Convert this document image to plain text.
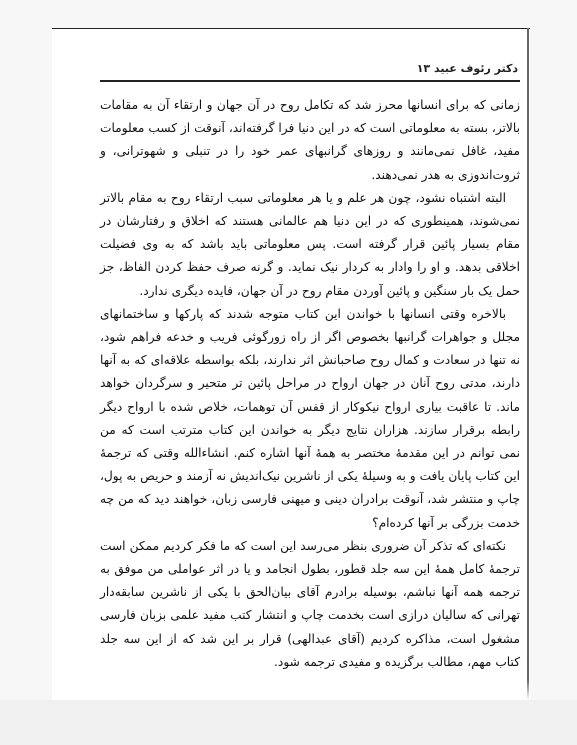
دکتر رئوف عبید ۱۳

زمانی که برای انسانها محرز شد که تکامل روح در آن جهان و ارتقاء آن به مقامات بالاتر، بسته به معلوماتی است که در این دنیا فرا گرفته‌اند، آنوقت از کسب معلومات مفید، غافل نمی‌مانند و روزهای گرانبهای عمر خود را در تنبلی و شهوترانی، و ثروت‌اندوزی به هدر نمی‌دهند.

البته اشتباه نشود، چون هر علم و یا هر معلوماتی سبب ارتقاء روح به مقام بالاتر نمی‌شوند، همینطوری که در این دنیا هم عالمانی هستند که اخلاق و رفتارشان در مقام بسیار پائین قرار گرفته است. پس معلوماتی باید باشد که به وی فضیلت اخلاقی بدهد. و او را وادار به کردار نیک نماید. و گرنه صرف حفظ کردن الفاظ، جز حمل یک بار سنگین و پائین آوردن مقام روح در آن جهان، فایده دیگری ندارد.

بالاخره وقتی انسانها با خواندن این کتاب متوجه شدند که پارکها و ساختمانهای مجلل و جواهرات گرانبها بخصوص اگر از راه زورگوئی فریب و خدعه فراهم شود، نه تنها در سعادت و کمال روح صاحبانش اثر ندارند، بلکه بواسطه علاقه‌ای که به آنها دارند، مدتی روح آنان در جهان ارواح در مراحل پائین تر متحیر و سرگردان خواهد ماند. تا عاقبت بیاری ارواح نیکوکار از قفس آن توهمات، خلاص شده با ارواح دیگر رابطه برقرار سازند. هزاران نتایج دیگر به خواندن این کتاب مترتب است که من نمی توانم در این مقدمهٔ مختصر به همهٔ آنها اشاره کنم. انشاءالله وقتی که ترجمهٔ این کتاب پایان یافت و به وسیلهٔ یکی از ناشرین نیک‌اندیش نه آزمند و حریص به پول، چاپ و منتشر شد، آنوقت برادران دینی و میهنی فارسی زبان، خواهند دید که من چه خدمت بزرگی بر آنها کرده‌ام؟

نکته‌ای که تذکر آن ضروری بنظر می‌رسد این است که ما فکر کردیم ممکن است ترجمهٔ کامل همهٔ این سه جلد قطور، بطول انجامد و یا در اثر عواملی من موفق به ترجمه همه آنها نباشم، بوسیله برادرم آقای بیان‌الحق با یکی از ناشرین سابقه‌دار تهرانی که سالیان درازی است بخدمت چاپ و انتشار کتب مفید علمی بزبان فارسی مشغول است، مذاکره کردیم (آقای عبدالهی) قرار بر این شد که از این سه جلد کتاب مهم، مطالب برگزیده و مفیدی ترجمه شود.
